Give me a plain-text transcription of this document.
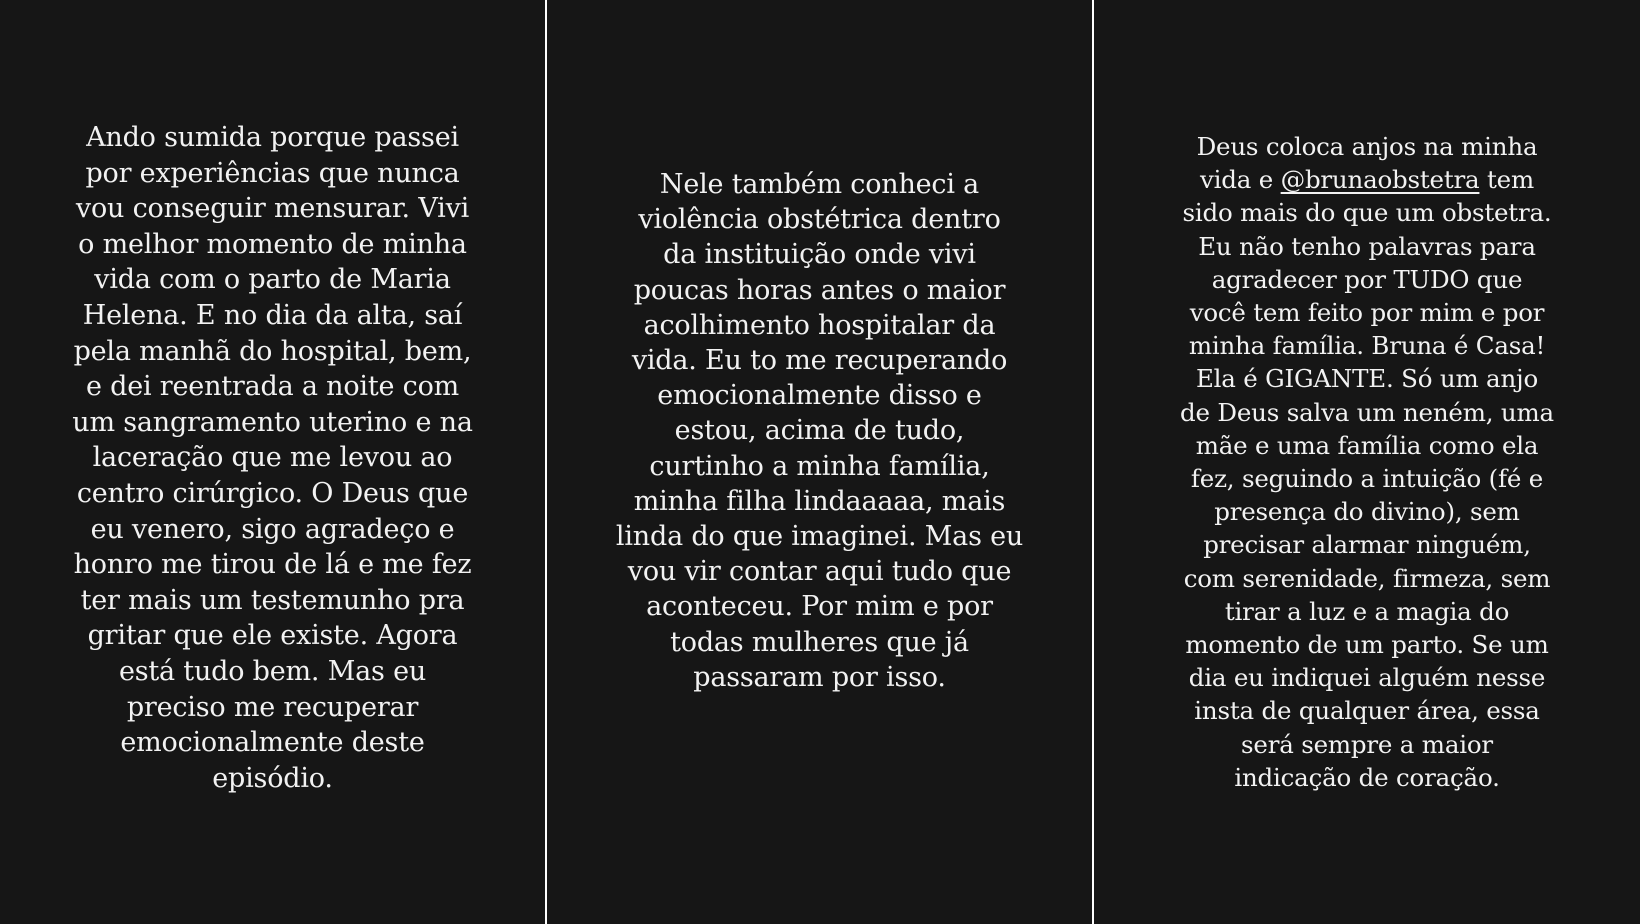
Ando sumida porque passei
por experiências que nunca
vou conseguir mensurar. Vivi
o melhor momento de minha
vida com o parto de Maria
Helena. E no dia da alta, saí
pela manhã do hospital, bem,
e dei reentrada a noite com
um sangramento uterino e na
laceração que me levou ao
centro cirúrgico. O Deus que
eu venero, sigo agradeço e
honro me tirou de lá e me fez
ter mais um testemunho pra
gritar que ele existe. Agora
está tudo bem. Mas eu
preciso me recuperar
emocionalmente deste
episódio.

Nele também conheci a
violência obstétrica dentro
da instituição onde vivi
poucas horas antes o maior
acolhimento hospitalar da
vida. Eu to me recuperando
emocionalmente disso e
estou, acima de tudo,
curtinho a minha família,
minha filha lindaaaaa, mais
linda do que imaginei. Mas eu
vou vir contar aqui tudo que
aconteceu. Por mim e por
todas mulheres que já
passaram por isso.

Deus coloca anjos na minha
vida e @brunaobstetra tem
sido mais do que um obstetra.
Eu não tenho palavras para
agradecer por TUDO que
você tem feito por mim e por
minha família. Bruna é Casa!
Ela é GIGANTE. Só um anjo
de Deus salva um neném, uma
mãe e uma família como ela
fez, seguindo a intuição (fé e
presença do divino), sem
precisar alarmar ninguém,
com serenidade, firmeza, sem
tirar a luz e a magia do
momento de um parto. Se um
dia eu indiquei alguém nesse
insta de qualquer área, essa
será sempre a maior
indicação de coração.
